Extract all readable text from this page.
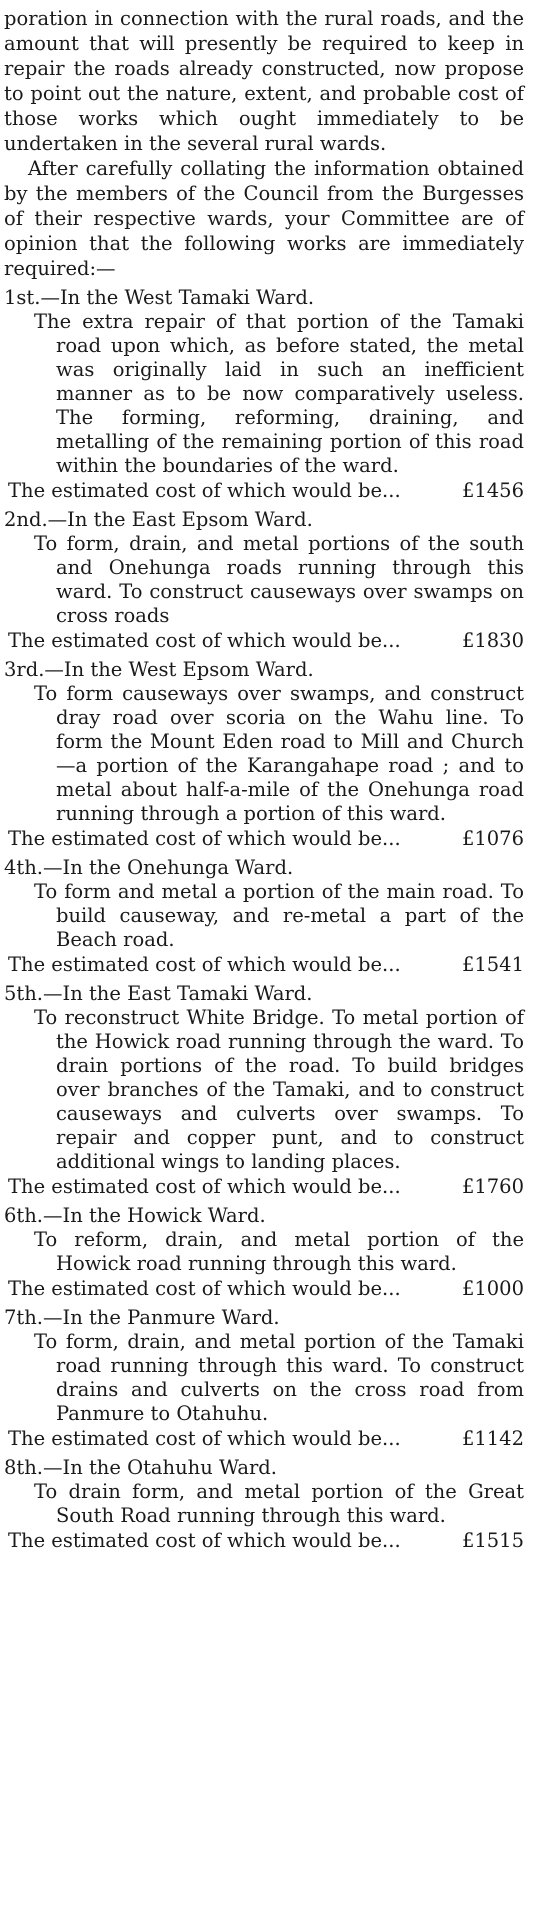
poration in connection with the rural roads, and the amount that will presently be required to keep in repair the roads already constructed, now propose to point out the nature, extent, and probable cost of those works which ought immediately to be undertaken in the several rural wards.

After carefully collating the information obtained by the members of the Council from the Burgesses of their respective wards, your Committee are of opinion that the following works are immediately required:—

1st.—In the West Tamaki Ward.

The extra repair of that portion of the Tamaki road upon which, as before stated, the metal was originally laid in such an inefficient manner as to be now comparatively useless. The forming, reforming, draining, and metalling of the remaining portion of this road within the boundaries of the ward.

The estimated cost of which would be...	£1456

2nd.—In the East Epsom Ward.

To form, drain, and metal portions of the south and Onehunga roads running through this ward. To construct causeways over swamps on cross roads

The estimated cost of which would be...	£1830

3rd.—In the West Epsom Ward.

To form causeways over swamps, and construct dray road over scoria on the Wahu line. To form the Mount Eden road to Mill and Church—a portion of the Karangahape road ; and to metal about half-a-mile of the Onehunga road running through a portion of this ward.

The estimated cost of which would be...	£1076

4th.—In the Onehunga Ward.

To form and metal a portion of the main road. To build causeway, and re-metal a part of the Beach road.

The estimated cost of which would be...	£1541

5th.—In the East Tamaki Ward.

To reconstruct White Bridge. To metal portion of the Howick road running through the ward. To drain portions of the road. To build bridges over branches of the Tamaki, and to construct causeways and culverts over swamps. To repair and copper punt, and to construct additional wings to landing places.

The estimated cost of which would be...	£1760

6th.—In the Howick Ward.

To reform, drain, and metal portion of the Howick road running through this ward.

The estimated cost of which would be...	£1000

7th.—In the Panmure Ward.

To form, drain, and metal portion of the Tamaki road running through this ward. To construct drains and culverts on the cross road from Panmure to Otahuhu.

The estimated cost of which would be...	£1142

8th.—In the Otahuhu Ward.

To drain form, and metal portion of the Great South Road running through this ward.

The estimated cost of which would be...	£1515
